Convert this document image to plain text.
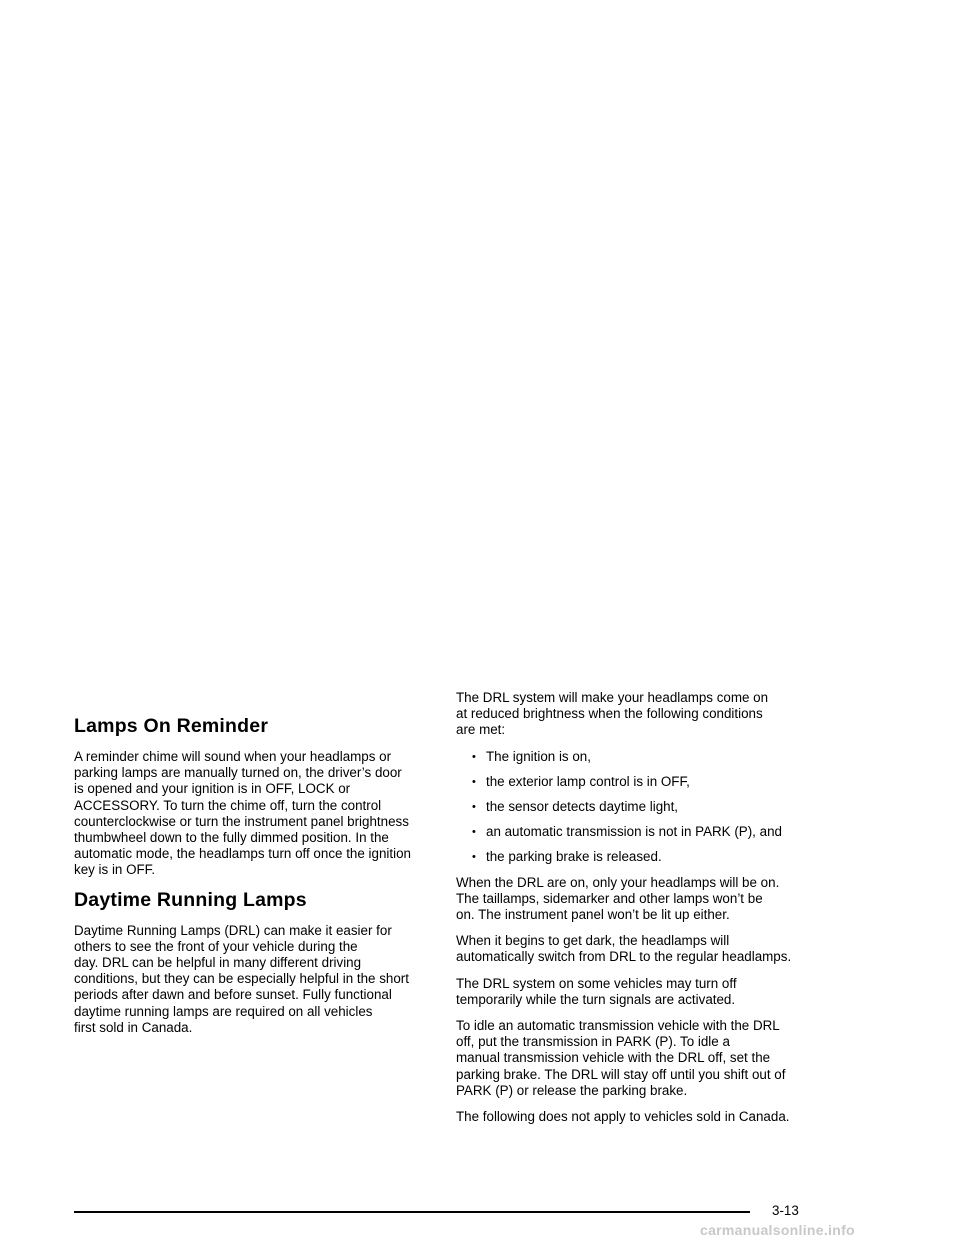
Lamps On Reminder

A reminder chime will sound when your headlamps or
parking lamps are manually turned on, the driver’s door
is opened and your ignition is in OFF, LOCK or
ACCESSORY. To turn the chime off, turn the control
counterclockwise or turn the instrument panel brightness
thumbwheel down to the fully dimmed position. In the
automatic mode, the headlamps turn off once the ignition
key is in OFF.

Daytime Running Lamps

Daytime Running Lamps (DRL) can make it easier for
others to see the front of your vehicle during the
day. DRL can be helpful in many different driving
conditions, but they can be especially helpful in the short
periods after dawn and before sunset. Fully functional
daytime running lamps are required on all vehicles
first sold in Canada.

The DRL system will make your headlamps come on
at reduced brightness when the following conditions
are met:

• The ignition is on,
• the exterior lamp control is in OFF,
• the sensor detects daytime light,
• an automatic transmission is not in PARK (P), and
• the parking brake is released.

When the DRL are on, only your headlamps will be on.
The taillamps, sidemarker and other lamps won’t be
on. The instrument panel won’t be lit up either.

When it begins to get dark, the headlamps will
automatically switch from DRL to the regular headlamps.

The DRL system on some vehicles may turn off
temporarily while the turn signals are activated.

To idle an automatic transmission vehicle with the DRL
off, put the transmission in PARK (P). To idle a
manual transmission vehicle with the DRL off, set the
parking brake. The DRL will stay off until you shift out of
PARK (P) or release the parking brake.

The following does not apply to vehicles sold in Canada.

3-13
carmanualsonline.info
